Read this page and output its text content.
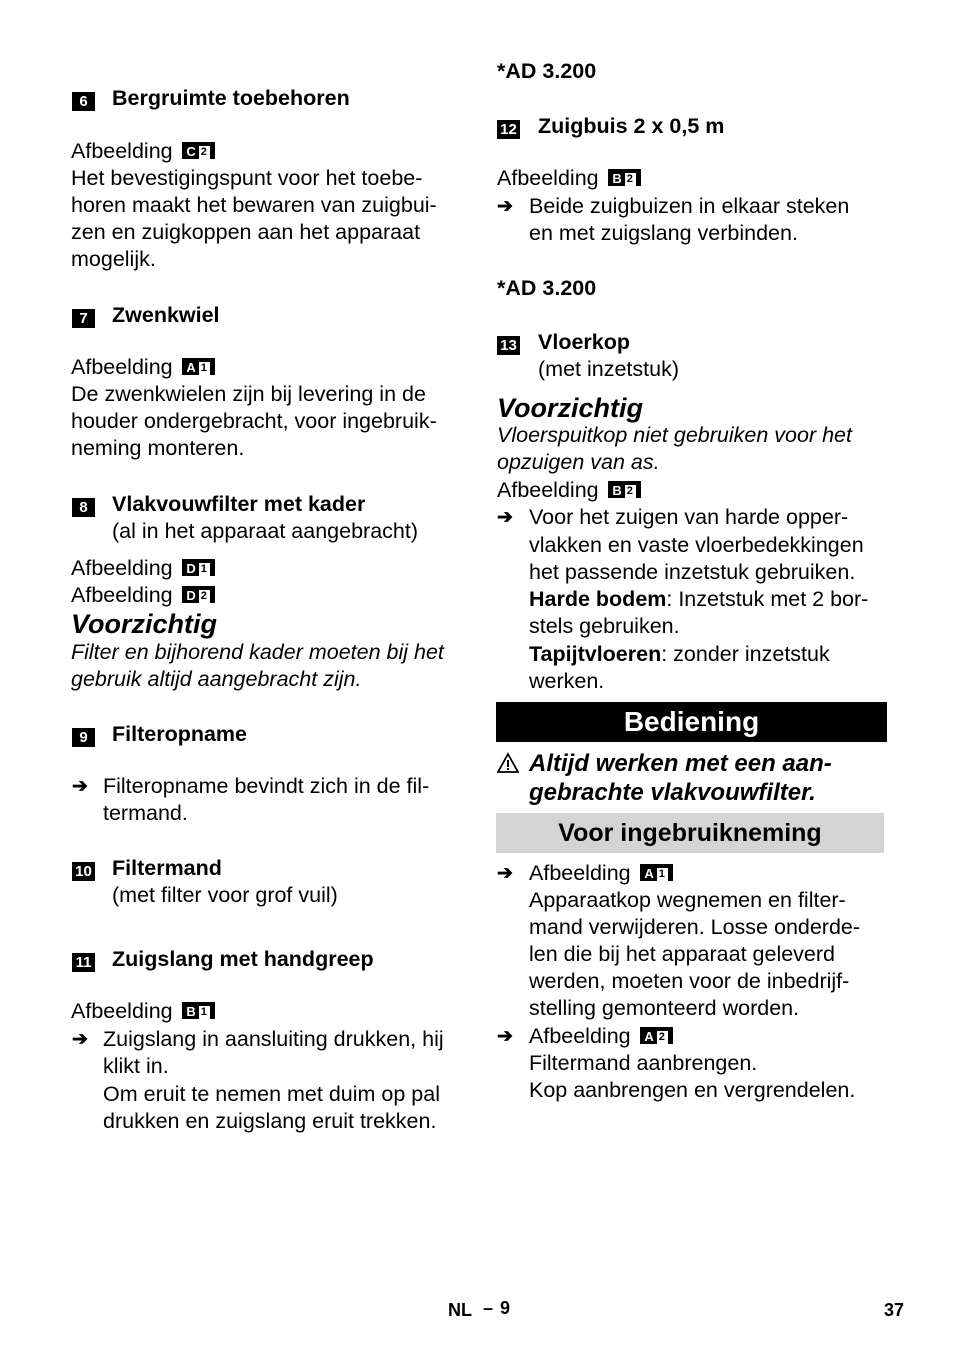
6	Bergruimte toebehoren
Afbeelding C 2
Het bevestigingspunt voor het toebe-
horen maakt het bewaren van zuigbui-
zen en zuigkoppen aan het apparaat
mogelijk.
7	Zwenkwiel
Afbeelding A 1
De zwenkwielen zijn bij levering in de
houder ondergebracht, voor ingebruik-
neming monteren.
8	Vlakvouwfilter met kader
(al in het apparaat aangebracht)
Afbeelding D 1
Afbeelding D 2
Voorzichtig
Filter en bijhorend kader moeten bij het
gebruik altijd aangebracht zijn.
9	Filteropname
➔ Filteropname bevindt zich in de fil-
termand.
10 Filtermand
(met filter voor grof vuil)
11 Zuigslang met handgreep
Afbeelding B 1
➔ Zuigslang in aansluiting drukken, hij
klikt in.
Om eruit te nemen met duim op pal
drukken en zuigslang eruit trekken.
*AD 3.200
12 Zuigbuis 2 x 0,5 m
Afbeelding B 2
➔ Beide zuigbuizen in elkaar steken
en met zuigslang verbinden.
*AD 3.200
13 Vloerkop
(met inzetstuk)
Voorzichtig
Vloerspuitkop niet gebruiken voor het
opzuigen van as.
Afbeelding B 2
➔ Voor het zuigen van harde opper-
vlakken en vaste vloerbedekkingen
het passende inzetstuk gebruiken.
Harde bodem: Inzetstuk met 2 bor-
stels gebruiken.
Tapijtvloeren: zonder inzetstuk
werken.
Bediening
Altijd werken met een aan-
gebrachte vlakvouwfilter.
Voor ingebruikneming
➔ Afbeelding A 1
Apparaatkop wegnemen en filter-
mand verwijderen. Losse onderde-
len die bij het apparaat geleverd
werden, moeten voor de inbedrijf-
stelling gemonteerd worden.
➔ Afbeelding A 2
Filtermand aanbrengen.
Kop aanbrengen en vergrendelen.
NL – 9	37
